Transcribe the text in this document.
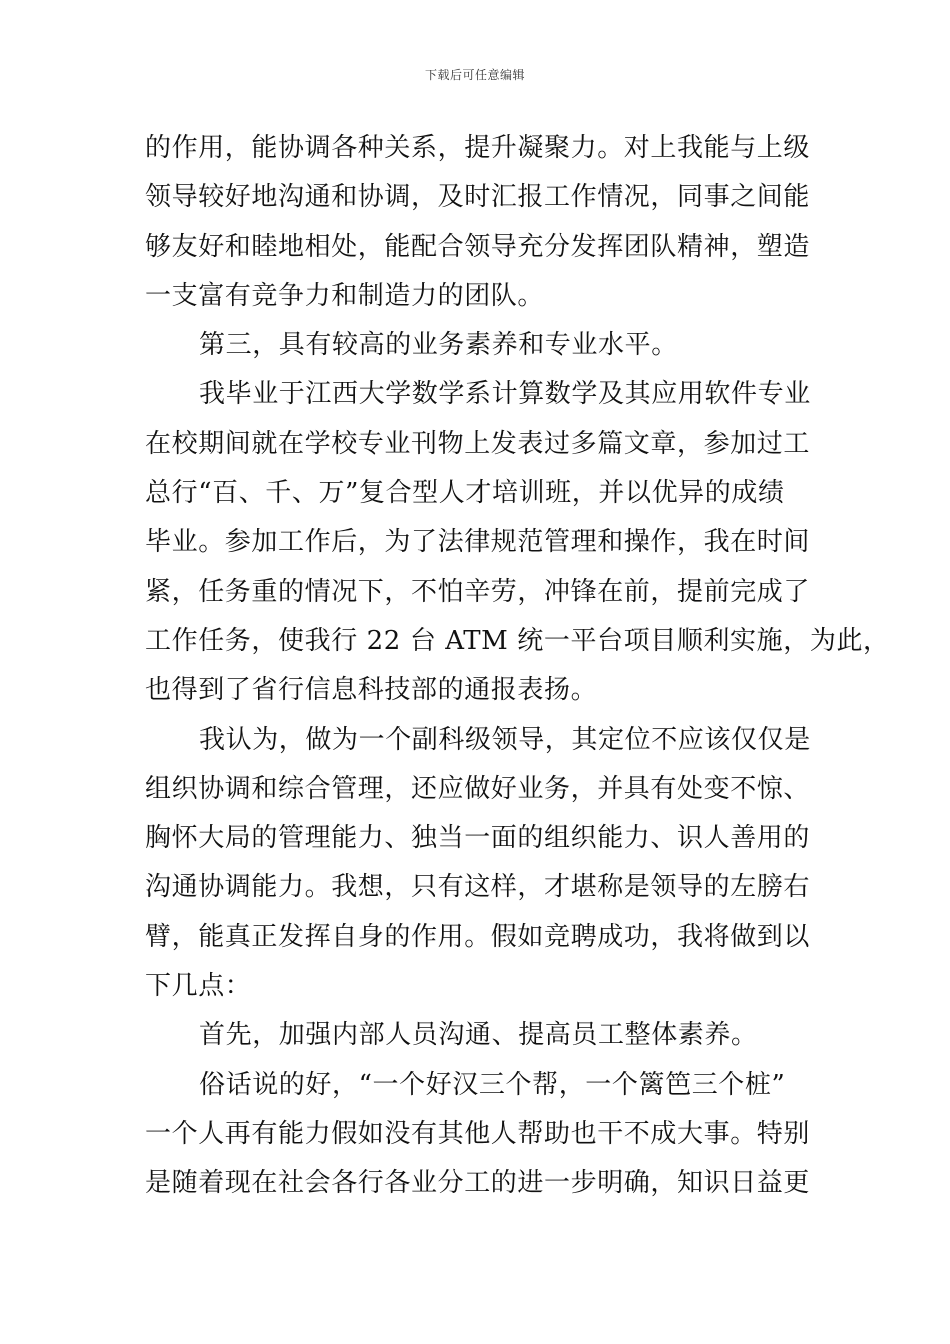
下载后可任意编辑
的作用，能协调各种关系，提升凝聚力。对上我能与上级
领导较好地沟通和协调，及时汇报工作情况，同事之间能
够友好和睦地相处，能配合领导充分发挥团队精神，塑造
一支富有竞争力和制造力的团队。
第三，具有较高的业务素养和专业水平。
我毕业于江西大学数学系计算数学及其应用软件专业
在校期间就在学校专业刊物上发表过多篇文章，参加过工
总行“百、千、万”复合型人才培训班，并以优异的成绩
毕业。参加工作后，为了法律规范管理和操作，我在时间
紧，任务重的情况下，不怕辛劳，冲锋在前，提前完成了
工作任务，使我行 22 台 ATM 统一平台项目顺利实施，为此，
也得到了省行信息科技部的通报表扬。
我认为，做为一个副科级领导，其定位不应该仅仅是
组织协调和综合管理，还应做好业务，并具有处变不惊、
胸怀大局的管理能力、独当一面的组织能力、识人善用的
沟通协调能力。我想，只有这样，才堪称是领导的左膀右
臂，能真正发挥自身的作用。假如竞聘成功，我将做到以
下几点：
首先，加强内部人员沟通、提高员工整体素养。
俗话说的好，“一个好汉三个帮，一个篱笆三个桩”
一个人再有能力假如没有其他人帮助也干不成大事。特别
是随着现在社会各行各业分工的进一步明确，知识日益更
